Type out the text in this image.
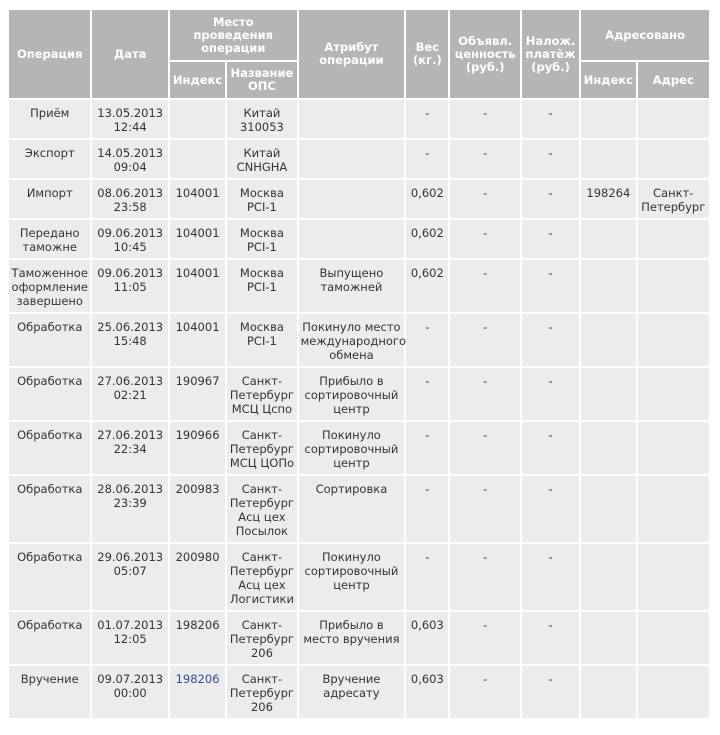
Операция	Дата	Место проведения операции		Атрибут операции	Вес (кг.)	Объявл. ценность (руб.)	Налож. платёж (руб.)	Адресовано	
		Индекс	Название ОПС					Индекс	Адрес
Приём	13.05.2013 12:44		Китай 310053		-	-	-		
Экспорт	14.05.2013 09:04		Китай CNHGHA		-	-	-		
Импорт	08.06.2013 23:58	104001	Москва PCI-1		0,602	-	-	198264	Санкт-Петербург
Передано таможне	09.06.2013 10:45	104001	Москва PCI-1		0,602	-	-		
Таможенное оформление завершено	09.06.2013 11:05	104001	Москва PCI-1	Выпущено таможней	0,602	-	-		
Обработка	25.06.2013 15:48	104001	Москва PCI-1	Покинуло место международного обмена	-	-	-		
Обработка	27.06.2013 02:21	190967	Санкт-Петербург МСЦ Цспо	Прибыло в сортировочный центр	-	-	-		
Обработка	27.06.2013 22:34	190966	Санкт-Петербург МСЦ ЦОПо	Покинуло сортировочный центр	-	-	-		
Обработка	28.06.2013 23:39	200983	Санкт-Петербург Асц цех Посылок	Сортировка	-	-	-		
Обработка	29.06.2013 05:07	200980	Санкт-Петербург Асц цех Логистики	Покинуло сортировочный центр	-	-	-		
Обработка	01.07.2013 12:05	198206	Санкт-Петербург 206	Прибыло в место вручения	0,603	-	-		
Вручение	09.07.2013 00:00	198206	Санкт-Петербург 206	Вручение адресату	0,603	-	-		
